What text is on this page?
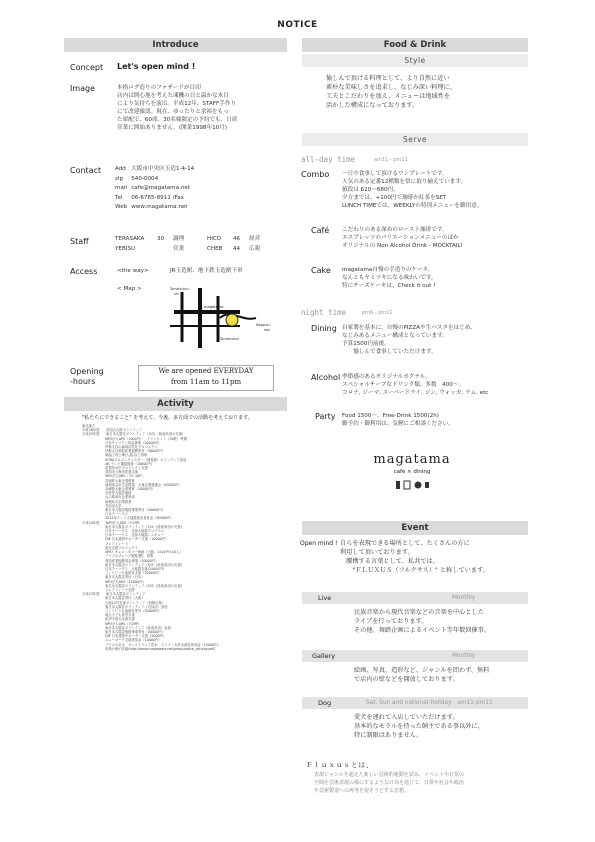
NOTICE
Introduce
Concept Let's open mind !
Image	本格ログ造りのファザードが目印
店内は開心地を考えた凍機の日と温かな木目
により気持ちを演出。平成12年、STAFF手作り
にて改建確認。現在、ゆったりと余裕をもっ
た席配で、60席、30名様限定の予約でも、日席
営業に開始ありません。(開業1998年10月)
Contact Add	大阪市中央区玉造1-4-14
zip	540-0004
mail	cafe@magatama.net
Tel	06-6765-8911 /Fax
Web	www.magatama.net
Staff	TERASAKA	30	調理	HICO	46	経営
YEBISU		営業	CHEB	44	広報
Access	<the way>	JR玉造駅、地下鉄玉造駅下車
< Map >	Tamatsukuri
stn
magatama
Nagahori
dori
Tamatsukuri
Opening
-hours
We are opened EVERYDAY
from 11am to 11pm
Activity
"私たちにできること" を考えて、今後、多方面での活動を考えております。
東北地方
平成26年度　　苗加山大図ボランティア
平成25年度　　東日本大震災ボランティア（5/3）（陸前高田の支援）
　　　　　　　NPO法人APS（1000円）、ブランケット（30枚）寄贈
　　　　　　　日本チャリティ募金事業（10000円）
　　　　　　　伊都大社の森林活性化プロジェクト
　　　　　　　伊都大社高原産業振興寄付（30000円）
　　　　　　　新潟工房公庫(人猿山)上募取
　　　　　　　SORAプロジェクトスター（国島県）ボランティア参加
　　　　　　　AR テレビ番組後援（10000円）
　　　　　　　産業防水伝プロジェクト支援
　　　　　　　高知市公海洋産業支援
　　　　　　　NPO法人ARC（7/1 10P）
　　　　　　　宮城県大東企業教育
　　　　　　　南相馬会計生活提業　大東企業後援会（50000円）
　　　　　　　兵庫教大東企業教育（10000円）
　　　　　　　石巻等大震災後援
　　　　　　　山口県前市企業育成
　　　　　　　南相馬市企業教育
　　　　　　　気仙沼大学
　　　　　　　東日本大震災後援事業寄付（50000円）
　　　　　　　日本テーハウス
　　　　　　　2012年インド大地震被災者募金（50000円）
平成24年度　　NPO法人ARS（7/29P）
　　　　　　　東日本大震災ボランティア（5/3）(陸前高田の支援)
　　　　　　　日本テーハウス　北部大地震プログラム
　　　　　　　日本テーハウス　北部大地震レスキュー
　　　　　　　DIE 日本連帯サポーター支援（10000円）
　　　　　　　フェアトレード
　　　　　　　東北支援プロジェクト
　　　　　　　APAドキュメンタリー映画（大阪：1520円×10人）
　　　　　　　アーラルフェーブ展覧(開)　募集
　　　　　　　高知産業振興募金事業（10000円）
　　　　　　　東日本大震災ボランティア（5/3）(陸前高田の支援)
　　　　　　　日本テーハウス　大地震支援(15000円)
　　　　　　　フィリピン台風被災支援（30000円）
　　　　　　　東日本大震災寄付（日本）
　　　　　　　NPO法人ARS（15000円）
　　　　　　　東日本大震災ボランティア（5/3）(陸前高田の支援)
　　　　　　　フェアトレード支援
平成23年度　　東日本大震災ボランティア
　　　　　　　東日本大震災寄付（大阪）
　　　　　　　台風12号災害ボランティア（和歌山県）
　　　　　　　東日本大震災ボランティア（気仙沼）参加
　　　　　　　フィリピン台風被災寄付（30000円）
　　　　　　　地元子ども食堂支援
　　　　　　　紀伊半島大水害支援
　　　　　　　NPO法人ARS（7/29P）
　　　　　　　東日本大震災ボランティア（陸前高田）参加
　　　　　　　東日本大震災後援事業寄付（50000円）
　　　　　　　DIE 日本連帯サポーター支援（5000円）
　　　　　　　ニューヨーク支援者募金（10000円）
　　　　　　　ブラジル洪水　オーストラリア洪水　スリランカ洪水被災者募金（15000円）
　　　　　　　出典の冊子詳細(http://www.magatama.net/press/notice_activity.pdf)
Food & Drink
Style
愉しんで頂ける料理として、より自然に近い
素朴な美味しさを追求し、なじみ深い料理に、
工夫とこだわりを加え、メニューは地域性を
活かした構成になっております。
Serve
all-day time	am11 - pm11
Combo 一日中食事して頂けるワンプレートです。
人気のある定番12種類を常に取り揃えています。
値段は 620～680円。
夕方までは、+100円で珈琲か紅茶をSET
LUNCH TIMEでは、WEEKLYの特別メニューを御用意。
Café こだわりのある深めのロースト珈琲です。
エスプレッソのバリエーションメニューのほか
オリジナルの Non Alcohol Drink - MOCKTAIL!
Cake magatama自慢の手造りのケーキ。
なんともヤミツキになる味わいです。
特にチーズケーキは、Check it out !
night time	pm6 - pm11
Dining 自家製を基本に、自慢のPIZZAや生パスタをはじめ、
なじみあるメニュー構成となっています。
予算1500円前後。
　　愉しんで食事していただけます。
Alcohol 季節感のあるオリジナルカクテル。
スペシャルチープなドリンク類、多数　400～。
コロナ, ジーマ, スーパードライ, ジン, ウォッカ, ラム, etc
Party Food 1500～、Free-Drink 1500(2h)
御予約・御利用は、気軽にご相談ください。
magatama
cafe × dining
Event
Open mind ! 自らを表現できる場所として、たくさんの方に
利用して頂いております。
　腰構する言葉として、私共では、
　　"ＦＬＵＸＵＳ（フルクサス）" と称しています。
Live	Monthly
民族音楽から現代音楽などの音楽を中心とした
ライブを行っております。
その他、舞踏企画によるイベント等年数回催事。
Gallery	Monthly
絵画、写真、造形など、ジャンルを問わず、無料
で店内の壁などを開放しております。
Dog	Sat. Sun and national-holiday　am11-pm11
愛犬を連れて入店していただけます。
基本的なモラルを持った飼主である事以外に、
特に制限はありません。
Ｆｌｕｘｕｓとは、
表現ジャンルを超えた新しい芸術的運動を試み、イベントや日常の
空間を芸術表現の場にするようなけ為を通じて、日常や社会や政治
や芸術製造への再考を促そうとする思想。
